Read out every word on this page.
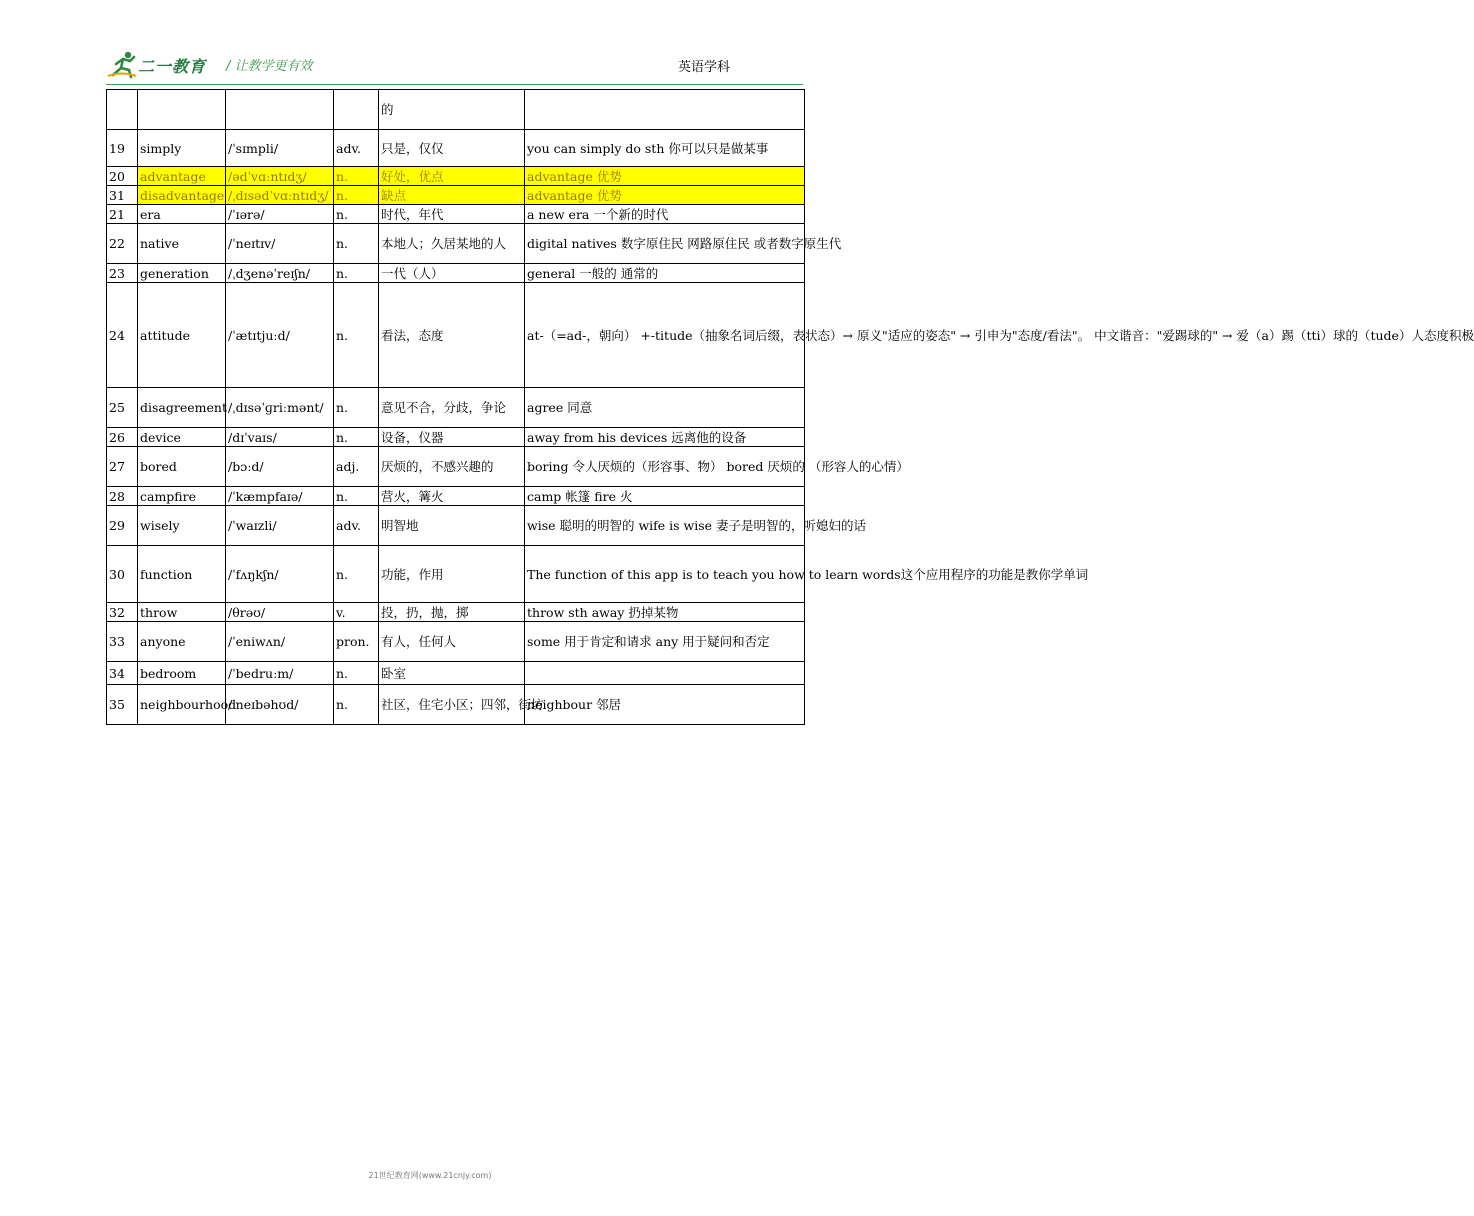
二一教育 / 让教学更有效	英语学科
				的	
19	simply	/ˈsɪmpli/	adv.	只是，仅仅	you can simply do sth 你可以只是做某事
20	advantage	/ədˈvɑːntɪdʒ/	n.	好处，优点	advantage 优势
31	disadvantage	/ˌdɪsədˈvɑːntɪdʒ/	n.	缺点	advantage 优势
21	era	/ˈɪərə/	n.	时代，年代	a new era 一个新的时代
22	native	/ˈneɪtɪv/	n.	本地人；久居某地的人	digital natives 数字原住民 网路原住民 或者数字原生代
23	generation	/ˌdʒenəˈreɪʃn/	n.	一代（人）	general 一般的 通常的
24	attitude	/ˈætɪtjuːd/	n.	看法，态度	at-（=ad-，朝向） +-titude（抽象名词后缀，表状态）→ 原义"适应的姿态" → 引申为"态度/看法"。 中文谐音："爱踢球的" → 爱（a）踢（tti）球的（tude）人态度积极
25	disagreement	/ˌdɪsəˈɡriːmənt/	n.	意见不合，分歧，争论	agree 同意
26	device	/dɪˈvaɪs/	n.	设备，仪器	away from his devices 远离他的设备
27	bored	/bɔːd/	adj.	厌烦的，不感兴趣的	boring 令人厌烦的（形容事、物） bored 厌烦的 （形容人的心情）
28	campfire	/ˈkæmpfaɪə/	n.	营火，篝火	camp 帐篷 fire 火
29	wisely	/ˈwaɪzli/	adv.	明智地	wise 聪明的明智的 wife is wise 妻子是明智的，听媳妇的话
30	function	/ˈfʌŋkʃn/	n.	功能，作用	The function of this app is to teach you how to learn words这个应用程序的功能是教你学单词
32	throw	/θrəʊ/	v.	投，扔，抛，掷	throw sth away 扔掉某物
33	anyone	/ˈeniwʌn/	pron.	有人，任何人	some 用于肯定和请求 any 用于疑问和否定
34	bedroom	/ˈbedruːm/	n.	卧室	
35	neighbourhood	/ˈneɪbəhʊd/	n.	社区，住宅小区；四邻，街坊	neighbour 邻居
21世纪教育网(www.21cnjy.com)
